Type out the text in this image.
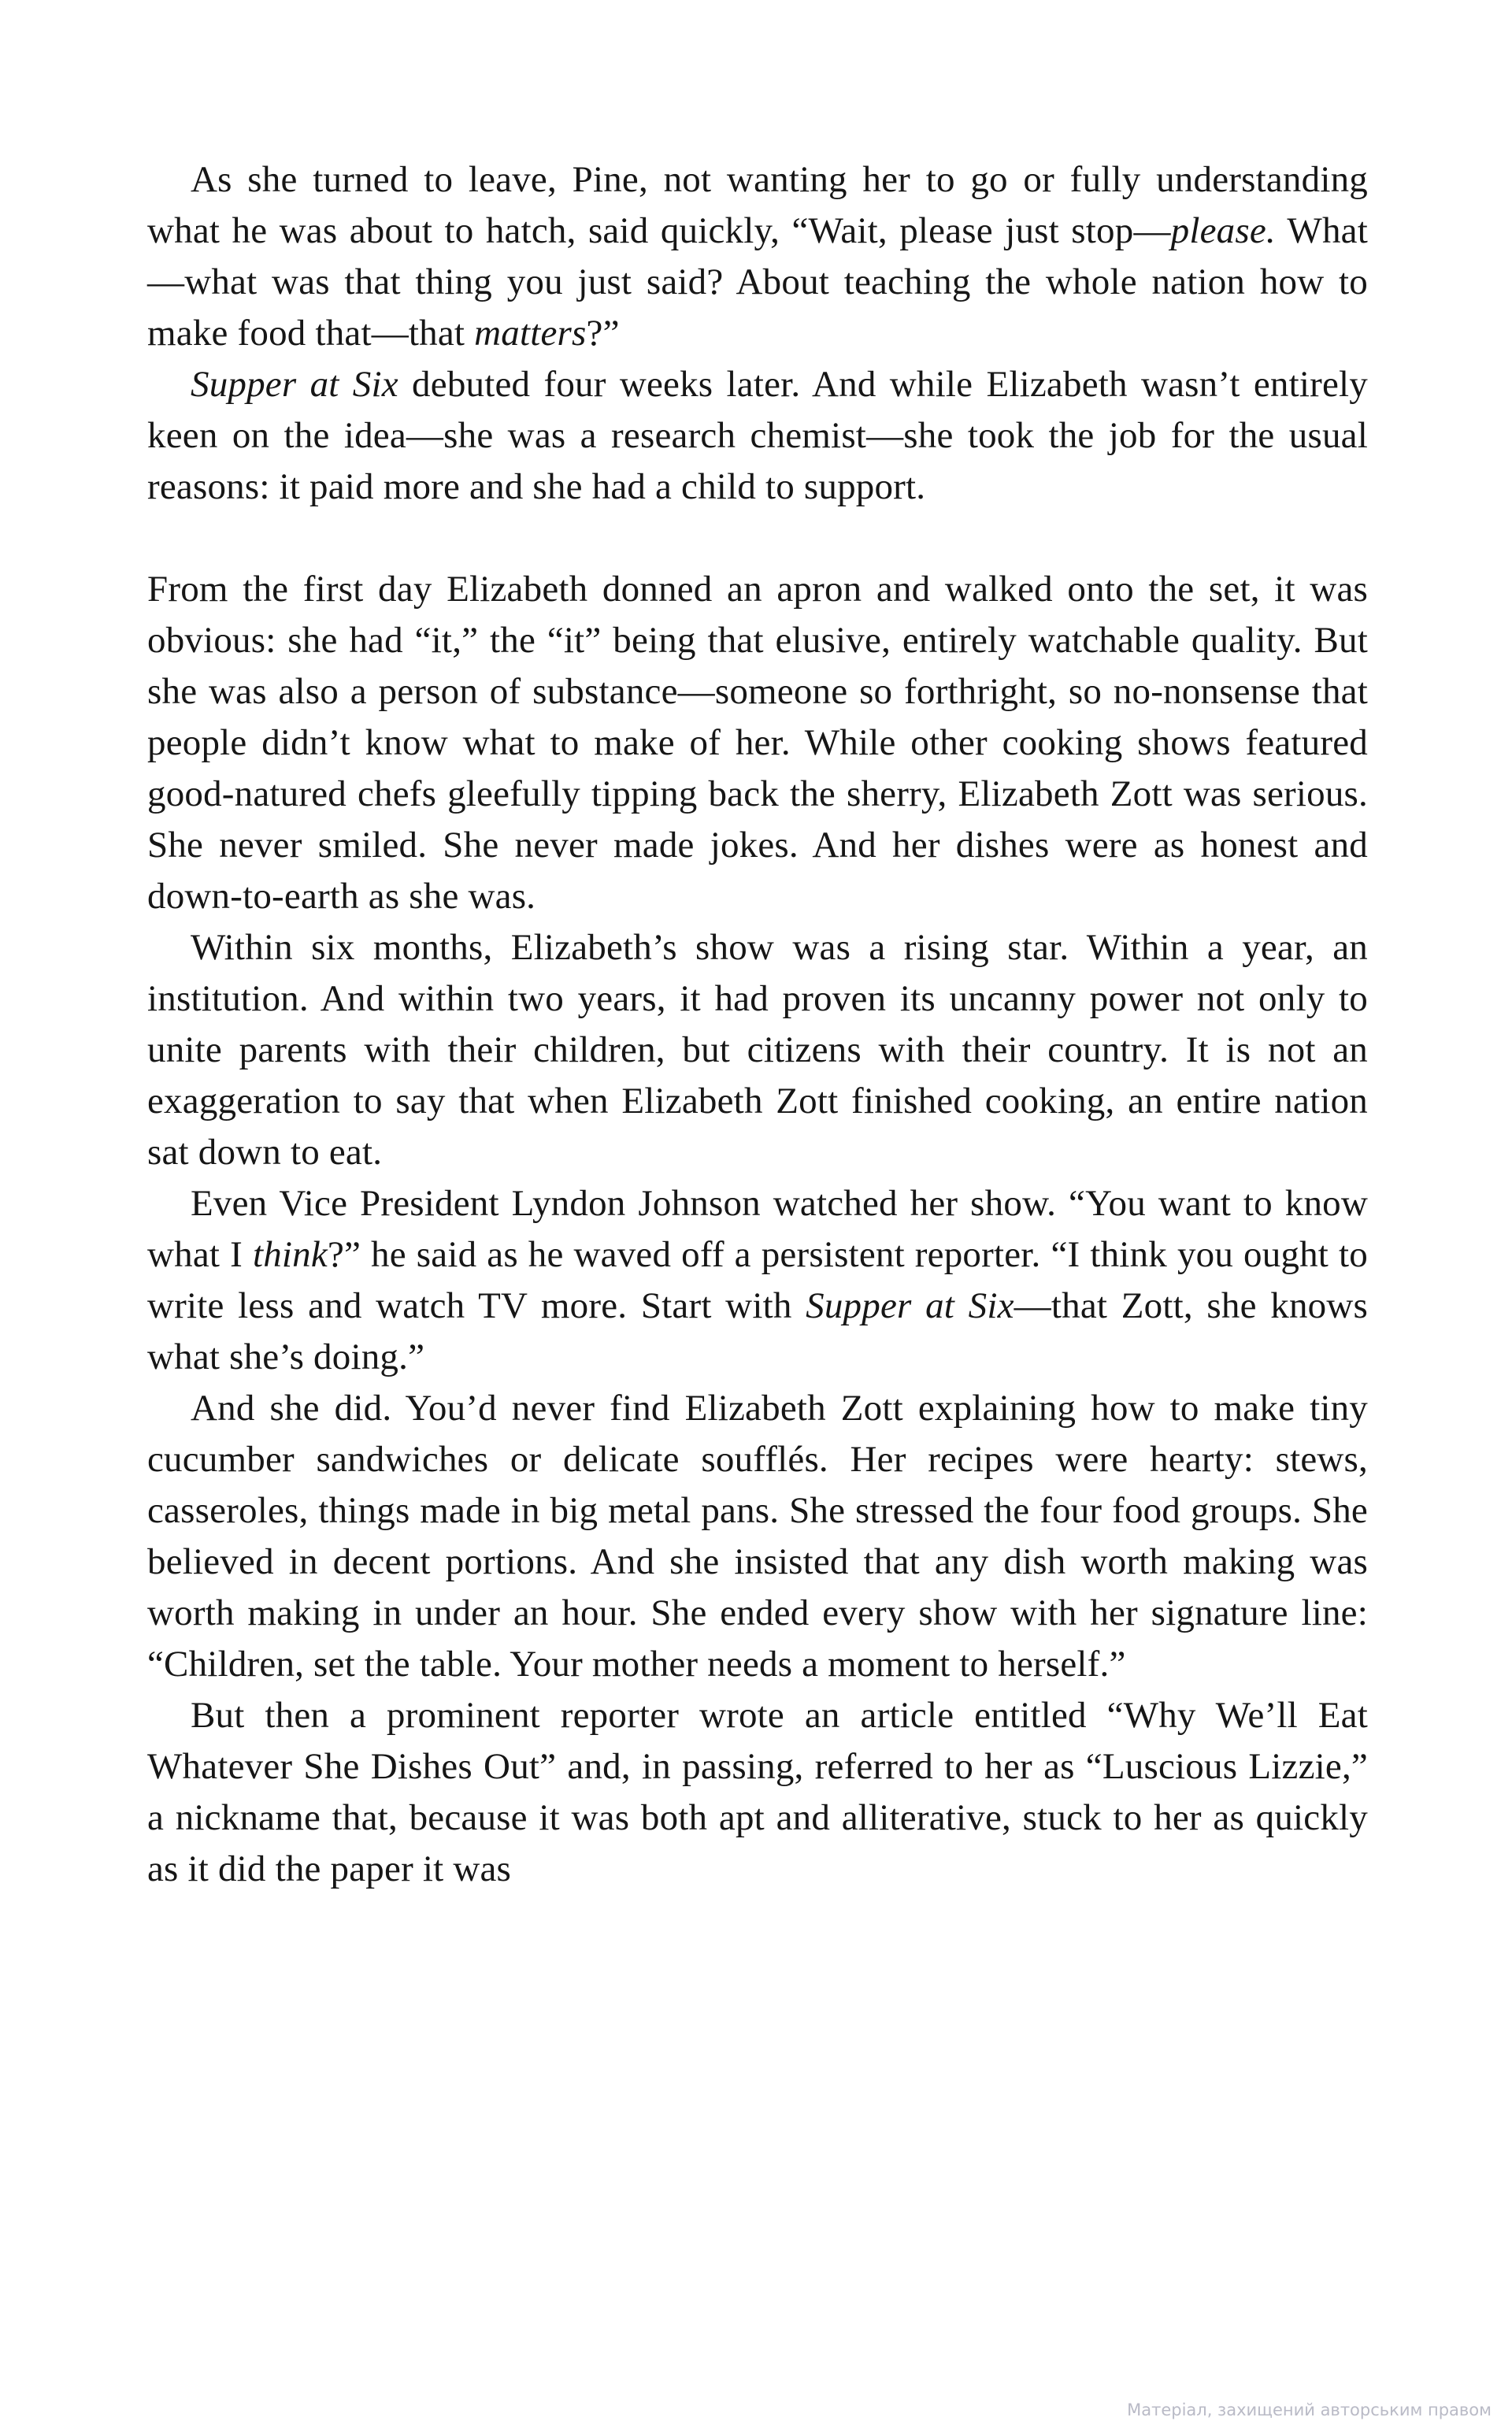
As she turned to leave, Pine, not wanting her to go or fully understanding what he was about to hatch, said quickly, “Wait, please just stop—please. What—what was that thing you just said? About teaching the whole nation how to make food that—that matters?”

Supper at Six debuted four weeks later. And while Elizabeth wasn’t entirely keen on the idea—she was a research chemist—she took the job for the usual reasons: it paid more and she had a child to support.

From the first day Elizabeth donned an apron and walked onto the set, it was obvious: she had “it,” the “it” being that elusive, entirely watchable quality. But she was also a person of substance—someone so forthright, so no-nonsense that people didn’t know what to make of her. While other cooking shows featured good-natured chefs gleefully tipping back the sherry, Elizabeth Zott was serious. She never smiled. She never made jokes. And her dishes were as honest and down-to-earth as she was.

Within six months, Elizabeth’s show was a rising star. Within a year, an institution. And within two years, it had proven its uncanny power not only to unite parents with their children, but citizens with their country. It is not an exaggeration to say that when Elizabeth Zott finished cooking, an entire nation sat down to eat.

Even Vice President Lyndon Johnson watched her show. “You want to know what I think?” he said as he waved off a persistent reporter. “I think you ought to write less and watch TV more. Start with Supper at Six—that Zott, she knows what she’s doing.”

And she did. You’d never find Elizabeth Zott explaining how to make tiny cucumber sandwiches or delicate soufflés. Her recipes were hearty: stews, casseroles, things made in big metal pans. She stressed the four food groups. She believed in decent portions. And she insisted that any dish worth making was worth making in under an hour. She ended every show with her signature line: “Children, set the table. Your mother needs a moment to herself.”

But then a prominent reporter wrote an article entitled “Why We’ll Eat Whatever She Dishes Out” and, in passing, referred to her as “Luscious Lizzie,” a nickname that, because it was both apt and alliterative, stuck to her as quickly as it did the paper it was

Матеріал, захищений авторським правом
